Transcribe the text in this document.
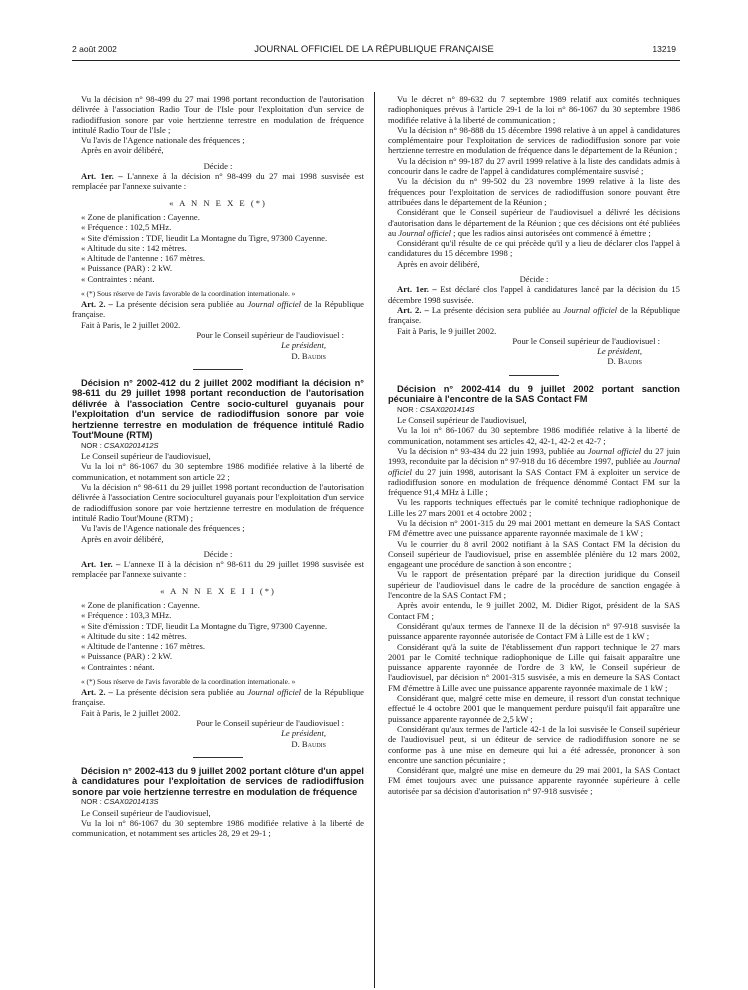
2 août 2002	JOURNAL OFFICIEL DE LA RÉPUBLIQUE FRANÇAISE	13219

Vu la décision n° 98-499 du 27 mai 1998 portant reconduction de l'autorisation délivrée à l'association Radio Tour de l'Isle pour l'exploitation d'un service de radiodiffusion sonore par voie hertzienne terrestre en modulation de fréquence intitulé Radio Tour de l'Isle ;

Vu l'avis de l'Agence nationale des fréquences ;

Après en avoir délibéré,

Décide :

Art. 1er. – L'annexe à la décision n° 98-499 du 27 mai 1998 susvisée est remplacée par l'annexe suivante :

« A N N E X E (*)

« Zone de planification : Cayenne.

« Fréquence : 102,5 MHz.

« Site d'émission : TDF, lieudit La Montagne du Tigre, 97300 Cayenne.

« Altitude du site : 142 mètres.

« Altitude de l'antenne : 167 mètres.

« Puissance (PAR) : 2 kW.

« Contraintes : néant.

« (*) Sous réserve de l'avis favorable de la coordination internationale. »

Art. 2. – La présente décision sera publiée au Journal officiel de la République française.

Fait à Paris, le 2 juillet 2002.

Pour le Conseil supérieur de l'audiovisuel :

Le président,

D. Baudis

Décision n° 2002-412 du 2 juillet 2002 modifiant la décision n° 98-611 du 29 juillet 1998 portant reconduction de l'autorisation délivrée à l'association Centre socio-culturel guyanais pour l'exploitation d'un service de radiodiffusion sonore par voie hertzienne terrestre en modulation de fréquence intitulé Radio Tout'Moune (RTM)

NOR : CSAX0201412S

Le Conseil supérieur de l'audiovisuel,

Vu la loi n° 86-1067 du 30 septembre 1986 modifiée relative à la liberté de communication, et notamment son article 22 ;

Vu la décision n° 98-611 du 29 juillet 1998 portant reconduction de l'autorisation délivrée à l'association Centre socioculturel guyanais pour l'exploitation d'un service de radiodiffusion sonore par voie hertzienne terrestre en modulation de fréquence intitulé Radio Tout'Moune (RTM) ;

Vu l'avis de l'Agence nationale des fréquences ;

Après en avoir délibéré,

Décide :

Art. 1er. – L'annexe II à la décision n° 98-611 du 29 juillet 1998 susvisée est remplacée par l'annexe suivante :

« A N N E X E I I (*)

« Zone de planification : Cayenne.

« Fréquence : 103,3 MHz.

« Site d'émission : TDF, lieudit La Montagne du Tigre, 97300 Cayenne.

« Altitude du site : 142 mètres.

« Altitude de l'antenne : 167 mètres.

« Puissance (PAR) : 2 kW.

« Contraintes : néant.

« (*) Sous réserve de l'avis favorable de la coordination internationale. »

Art. 2. – La présente décision sera publiée au Journal officiel de la République française.

Fait à Paris, le 2 juillet 2002.

Pour le Conseil supérieur de l'audiovisuel :

Le président,

D. Baudis

Décision n° 2002-413 du 9 juillet 2002 portant clôture d'un appel à candidatures pour l'exploitation de services de radiodiffusion sonore par voie hertzienne terrestre en modulation de fréquence

NOR : CSAX0201413S

Le Conseil supérieur de l'audiovisuel,

Vu la loi n° 86-1067 du 30 septembre 1986 modifiée relative à la liberté de communication, et notamment ses articles 28, 29 et 29-1 ;

Vu le décret n° 89-632 du 7 septembre 1989 relatif aux comités techniques radiophoniques prévus à l'article 29-1 de la loi n° 86-1067 du 30 septembre 1986 modifiée relative à la liberté de communication ;

Vu la décision n° 98-888 du 15 décembre 1998 relative à un appel à candidatures complémentaire pour l'exploitation de services de radiodiffusion sonore par voie hertzienne terrestre en modulation de fréquence dans le département de la Réunion ;

Vu la décision n° 99-187 du 27 avril 1999 relative à la liste des candidats admis à concourir dans le cadre de l'appel à candidatures complémentaire susvisé ;

Vu la décision du n° 99-502 du 23 novembre 1999 relative à la liste des fréquences pour l'exploitation de services de radiodiffusion sonore pouvant être attribuées dans le département de la Réunion ;

Considérant que le Conseil supérieur de l'audiovisuel a délivré les décisions d'autorisation dans le département de la Réunion ; que ces décisions ont été publiées au Journal officiel ; que les radios ainsi autorisées ont commencé à émettre ;

Considérant qu'il résulte de ce qui précède qu'il y a lieu de déclarer clos l'appel à candidatures du 15 décembre 1998 ;

Après en avoir délibéré,

Décide :

Art. 1er. – Est déclaré clos l'appel à candidatures lancé par la décision du 15 décembre 1998 susvisée.

Art. 2. – La présente décision sera publiée au Journal officiel de la République française.

Fait à Paris, le 9 juillet 2002.

Pour le Conseil supérieur de l'audiovisuel :

Le président,

D. Baudis

Décision n° 2002-414 du 9 juillet 2002 portant sanction pécuniaire à l'encontre de la SAS Contact FM

NOR : CSAX0201414S

Le Conseil supérieur de l'audiovisuel,

Vu la loi n° 86-1067 du 30 septembre 1986 modifiée relative à la liberté de communication, notamment ses articles 42, 42-1, 42-2 et 42-7 ;

Vu la décision n° 93-434 du 22 juin 1993, publiée au Journal officiel du 27 juin 1993, reconduite par la décision n° 97-918 du 16 décembre 1997, publiée au Journal officiel du 27 juin 1998, autorisant la SAS Contact FM à exploiter un service de radiodiffusion sonore en modulation de fréquence dénommé Contact FM sur la fréquence 91,4 MHz à Lille ;

Vu les rapports techniques effectués par le comité technique radiophonique de Lille les 27 mars 2001 et 4 octobre 2002 ;

Vu la décision n° 2001-315 du 29 mai 2001 mettant en demeure la SAS Contact FM d'émettre avec une puissance apparente rayonnée maximale de 1 kW ;

Vu le courrier du 8 avril 2002 notifiant à la SAS Contact FM la décision du Conseil supérieur de l'audiovisuel, prise en assemblée plénière du 12 mars 2002, engageant une procédure de sanction à son encontre ;

Vu le rapport de présentation préparé par la direction juridique du Conseil supérieur de l'audiovisuel dans le cadre de la procédure de sanction engagée à l'encontre de la SAS Contact FM ;

Après avoir entendu, le 9 juillet 2002, M. Didier Rigot, président de la SAS Contact FM ;

Considérant qu'aux termes de l'annexe II de la décision n° 97-918 susvisée la puissance apparente rayonnée autorisée de Contact FM à Lille est de 1 kW ;

Considérant qu'à la suite de l'établissement d'un rapport technique le 27 mars 2001 par le Comité technique radiophonique de Lille qui faisait apparaître une puissance apparente rayonnée de l'ordre de 3 kW, le Conseil supérieur de l'audiovisuel, par décision n° 2001-315 susvisée, a mis en demeure la SAS Contact FM d'émettre à Lille avec une puissance apparente rayonnée maximale de 1 kW ;

Considérant que, malgré cette mise en demeure, il ressort d'un constat technique effectué le 4 octobre 2001 que le manquement perdure puisqu'il fait apparaître une puissance apparente rayonnée de 2,5 kW ;

Considérant qu'aux termes de l'article 42-1 de la loi susvisée le Conseil supérieur de l'audiovisuel peut, si un éditeur de service de radiodiffusion sonore ne se conforme pas à une mise en demeure qui lui a été adressée, prononcer à son encontre une sanction pécuniaire ;

Considérant que, malgré une mise en demeure du 29 mai 2001, la SAS Contact FM émet toujours avec une puissance apparente rayonnée supérieure à celle autorisée par sa décision d'autorisation n° 97-918 susvisée ;
